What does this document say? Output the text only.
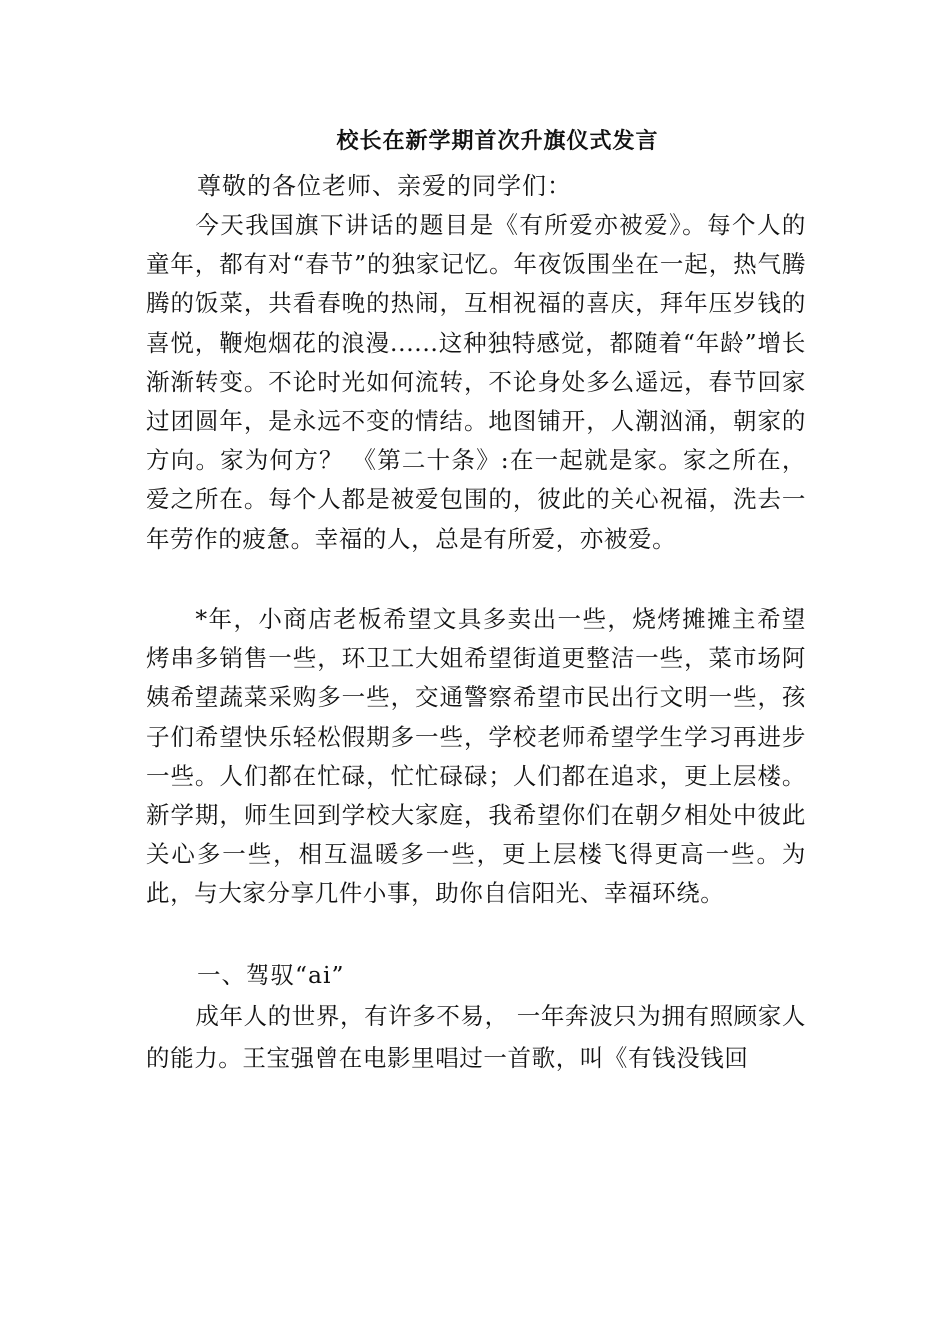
校长在新学期首次升旗仪式发言
尊敬的各位老师、亲爱的同学们：

今天我国旗下讲话的题目是《有所爱亦被爱》。每个人的童年，都有对“春节”的独家记忆。年夜饭围坐在一起，热气腾腾的饭菜，共看春晚的热闹，互相祝福的喜庆，拜年压岁钱的喜悦，鞭炮烟花的浪漫......这种独特感觉，都随着“年龄”增长渐渐转变。不论时光如何流转，不论身处多么遥远，春节回家过团圆年，是永远不变的情结。地图铺开，人潮汹涌，朝家的方向。家为何方？ 《第二十条》:在一起就是家。家之所在，爱之所在。每个人都是被爱包围的，彼此的关心祝福，洗去一年劳作的疲惫。幸福的人，总是有所爱，亦被爱。

*年，小商店老板希望文具多卖出一些，烧烤摊摊主希望烤串多销售一些，环卫工大姐希望街道更整洁一些，菜市场阿姨希望蔬菜采购多一些，交通警察希望市民出行文明一些，孩子们希望快乐轻松假期多一些，学校老师希望学生学习再进步一些。人们都在忙碌，忙忙碌碌；人们都在追求，更上层楼。新学期，师生回到学校大家庭，我希望你们在朝夕相处中彼此关心多一些，相互温暖多一些，更上层楼飞得更高一些。为此，与大家分享几件小事，助你自信阳光、幸福环绕。

一、驾驭“ai”

成年人的世界，有许多不易， 一年奔波只为拥有照顾家人的能力。王宝强曾在电影里唱过一首歌，叫《有钱没钱回
